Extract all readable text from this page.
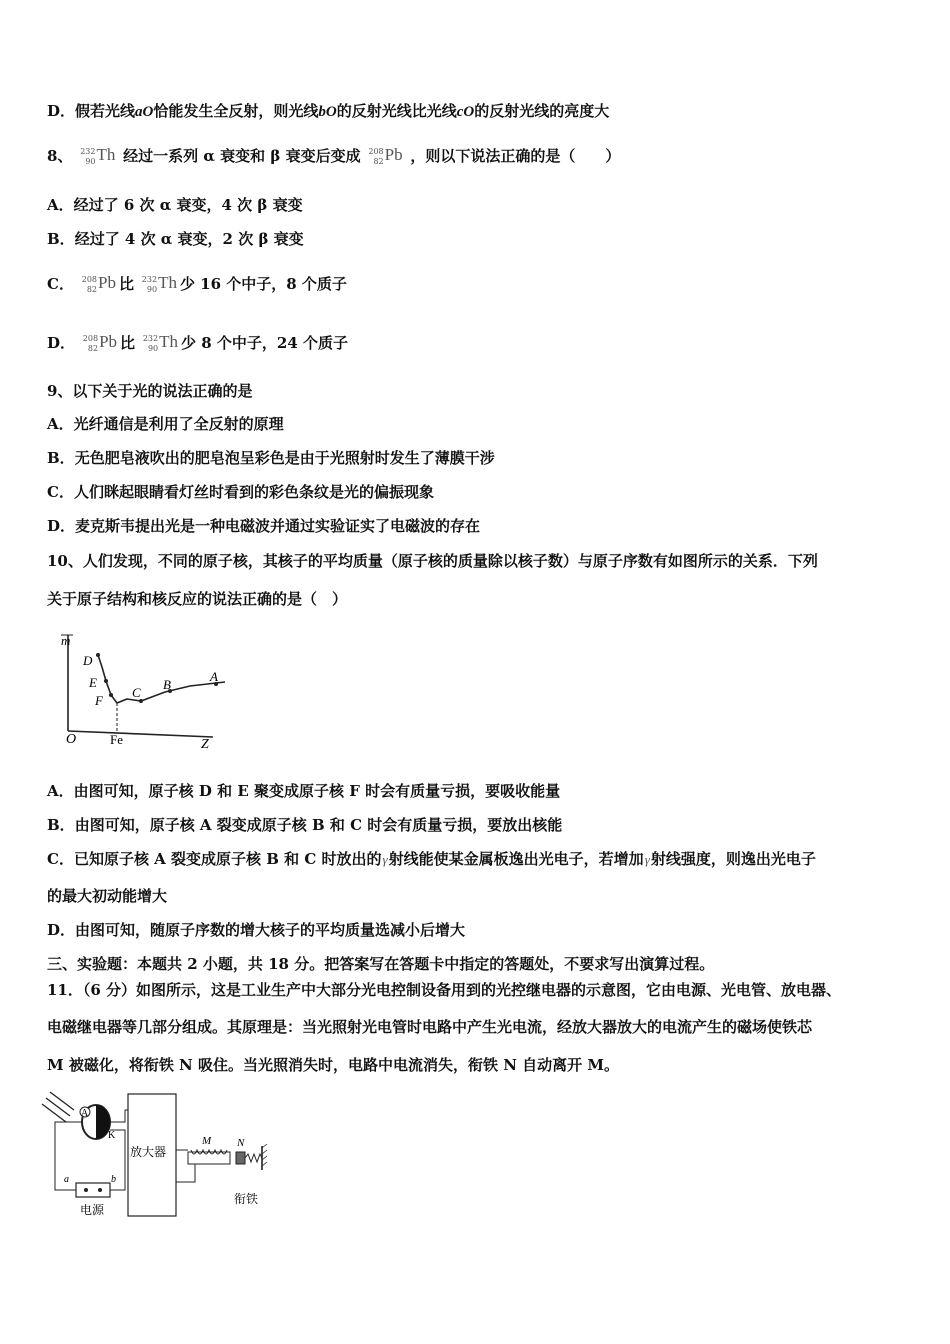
D．假若光线aO恰能发生全反射，则光线bO的反射光线比光线cO的反射光线的亮度大
8、 232
90 Th 经过一系列 α 衰变和 β 衰变后变成 208
82 Pb ，则以下说法正确的是（　　）
A．经过了 6 次 α 衰变，4 次 β 衰变
B．经过了 4 次 α 衰变，2 次 β 衰变
C． 208
82 Pb 比 232
90 Th 少 16 个中子，8 个质子
D． 208
82 Pb 比 232
90 Th 少 8 个中子，24 个质子
9、以下关于光的说法正确的是
A．光纤通信是利用了全反射的原理
B．无色肥皂液吹出的肥皂泡呈彩色是由于光照射时发生了薄膜干涉
C．人们眯起眼睛看灯丝时看到的彩色条纹是光的偏振现象
D．麦克斯韦提出光是一种电磁波并通过实验证实了电磁波的存在
10、人们发现，不同的原子核，其核子的平均质量（原子核的质量除以核子数）与原子序数有如图所示的关系．下列
关于原子结构和核反应的说法正确的是（　）
m
O	Z
Fe
D
E
F
C
B
A
A．由图可知，原子核 D 和 E 聚变成原子核 F 时会有质量亏损，要吸收能量
B．由图可知，原子核 A 裂变成原子核 B 和 C 时会有质量亏损，要放出核能
C．已知原子核 A 裂变成原子核 B 和 C 时放出的γ射线能使某金属板逸出光电子，若增加γ射线强度，则逸出光电子
的最大初动能增大
D．由图可知，随原子序数的增大核子的平均质量选减小后增大
三、实验题：本题共 2 小题，共 18 分。把答案写在答题卡中指定的答题处，不要求写出演算过程。
11．（6 分）如图所示，这是工业生产中大部分光电控制设备用到的光控继电器的示意图，它由电源、光电管、放电器、
电磁继电器等几部分组成。其原理是：当光照射光电管时电路中产生光电流，经放大器放大的电流产生的磁场使铁芯
M 被磁化，将衔铁 N 吸住。当光照消失时，电路中电流消失，衔铁 N 自动离开 M。
A
K
放大器
M N
衔铁
a	b
电源
